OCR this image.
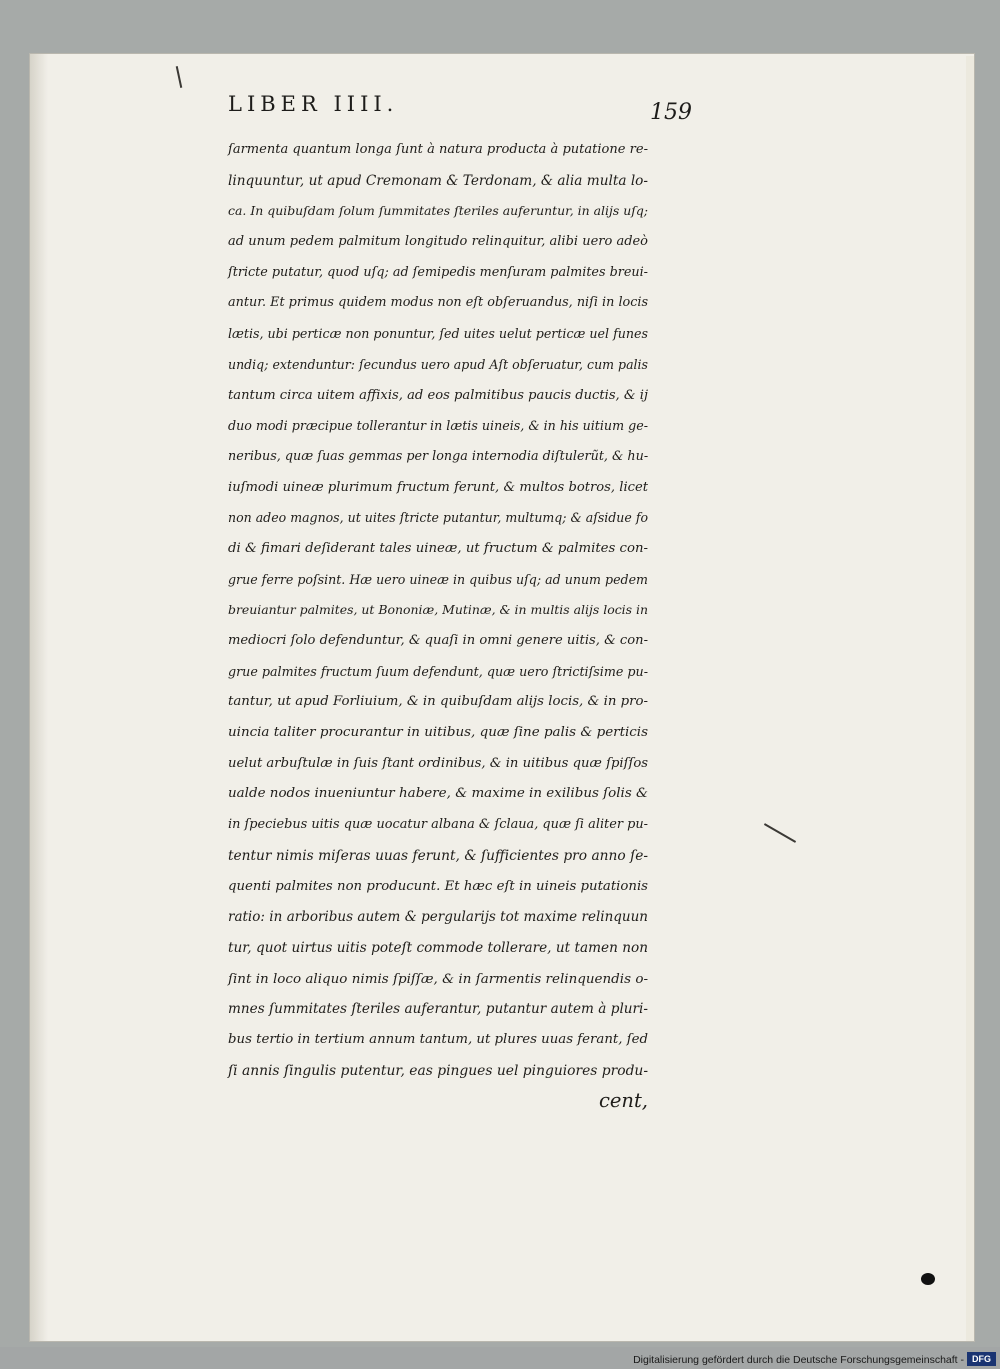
LIBER IIII.	159
ſarmenta quantum longa ſunt à natura producta à putatione re-
linquuntur, ut apud Cremonam & Terdonam, & alia multa lo-
ca. In quibuſdam ſolum ſummitates ſteriles auferuntur, in alijs uſq;
ad unum pedem palmitum longitudo relinquitur, alibi uero adeò
ſtricte putatur, quod uſq; ad ſemipedis menſuram palmites breui-
antur. Et primus quidem modus non eſt obſeruandus, niſi in locis
lætis, ubi perticæ non ponuntur, ſed uites uelut perticæ uel funes
undiq; extenduntur: ſecundus uero apud Aſt obſeruatur, cum palis
tantum circa uitem affixis, ad eos palmitibus paucis ductis, & ij
duo modi præcipue tollerantur in lætis uineis, & in his uitium ge-
neribus, quæ ſuas gemmas per longa internodia diſtulerũt, & hu-
iuſmodi uineæ plurimum fructum ferunt, & multos botros, licet
non adeo magnos, ut uites ſtricte putantur, multumq; & aſsidue fo
di & fimari deſiderant tales uineæ, ut fructum & palmites con-
grue ferre poſsint. Hæ uero uineæ in quibus uſq; ad unum pedem
breuiantur palmites, ut Bononiæ, Mutinæ, & in multis alijs locis in
mediocri ſolo defenduntur, & quaſi in omni genere uitis, & con-
grue palmites fructum ſuum defendunt, quæ uero ſtrictiſsime pu-
tantur, ut apud Forliuium, & in quibuſdam alijs locis, & in pro-
uincia taliter procurantur in uitibus, quæ ſine palis & perticis
uelut arbuſtulæ in ſuis ſtant ordinibus, & in uitibus quæ ſpiſſos
ualde nodos inueniuntur habere, & maxime in exilibus ſolis &
in ſpeciebus uitis quæ uocatur albana & ſclaua, quæ ſi aliter pu-
tentur nimis miſeras uuas ferunt, & ſufficientes pro anno ſe-
quenti palmites non producunt. Et hæc eſt in uineis putationis
ratio: in arboribus autem & pergularijs tot maxime relinquun
tur, quot uirtus uitis poteſt commode tollerare, ut tamen non
ſint in loco aliquo nimis ſpiſſæ, & in ſarmentis relinquendis o-
mnes ſummitates ſteriles auferantur, putantur autem à pluri-
bus tertio in tertium annum tantum, ut plures uuas ferant, ſed
ſi annis ſingulis putentur, eas pingues uel pinguiores produ-
cent,
Digitalisierung gefördert durch die Deutsche Forschungsgemeinschaft - DFG
